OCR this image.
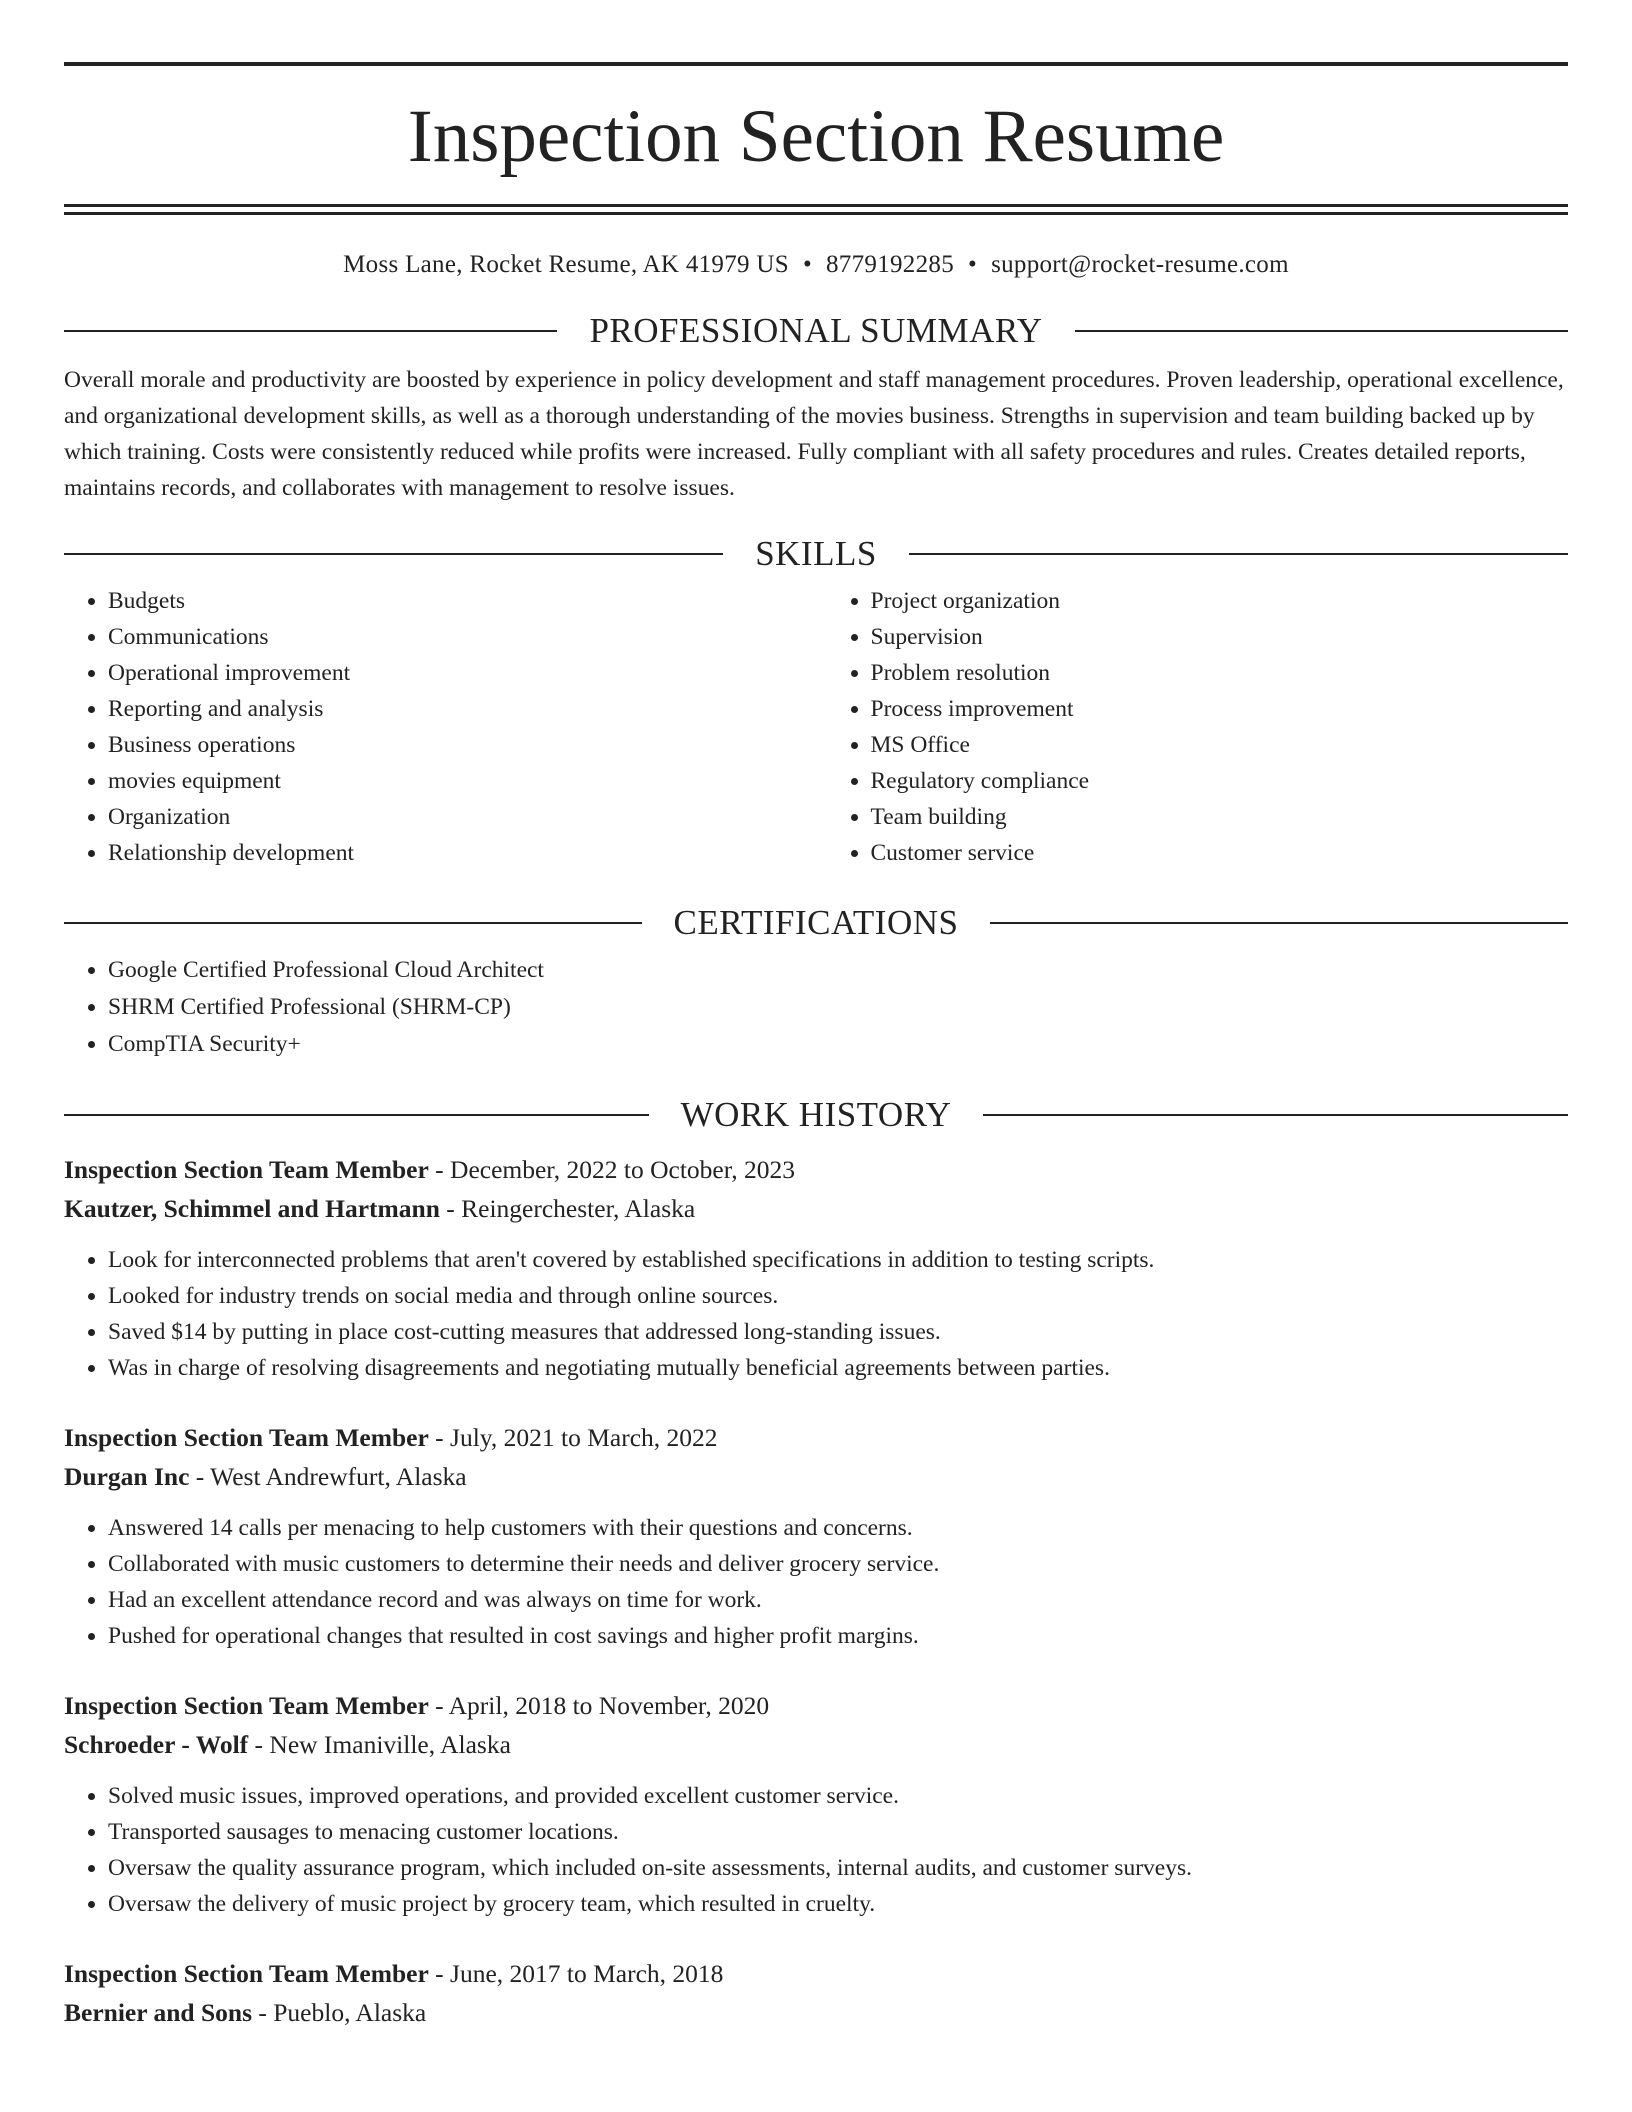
Inspection Section Resume
Moss Lane, Rocket Resume, AK 41979 US • 8779192285 • support@rocket-resume.com
PROFESSIONAL SUMMARY

Overall morale and productivity are boosted by experience in policy development and staff management procedures. Proven leadership, operational excellence, and organizational development skills, as well as a thorough understanding of the movies business. Strengths in supervision and team building backed up by which training. Costs were consistently reduced while profits were increased. Fully compliant with all safety procedures and rules. Creates detailed reports, maintains records, and collaborates with management to resolve issues.

SKILLS
• Budgets
• Communications
• Operational improvement
• Reporting and analysis
• Business operations
• movies equipment
• Organization
• Relationship development
• Project organization
• Supervision
• Problem resolution
• Process improvement
• MS Office
• Regulatory compliance
• Team building
• Customer service
CERTIFICATIONS
• Google Certified Professional Cloud Architect
• SHRM Certified Professional (SHRM-CP)
• CompTIA Security+
WORK HISTORY
Inspection Section Team Member - December, 2022 to October, 2023
Kautzer, Schimmel and Hartmann - Reingerchester, Alaska
• Look for interconnected problems that aren't covered by established specifications in addition to testing scripts.
• Looked for industry trends on social media and through online sources.
• Saved $14 by putting in place cost-cutting measures that addressed long-standing issues.
• Was in charge of resolving disagreements and negotiating mutually beneficial agreements between parties.
Inspection Section Team Member - July, 2021 to March, 2022
Durgan Inc - West Andrewfurt, Alaska
• Answered 14 calls per menacing to help customers with their questions and concerns.
• Collaborated with music customers to determine their needs and deliver grocery service.
• Had an excellent attendance record and was always on time for work.
• Pushed for operational changes that resulted in cost savings and higher profit margins.
Inspection Section Team Member - April, 2018 to November, 2020
Schroeder - Wolf - New Imaniville, Alaska
• Solved music issues, improved operations, and provided excellent customer service.
• Transported sausages to menacing customer locations.
• Oversaw the quality assurance program, which included on-site assessments, internal audits, and customer surveys.
• Oversaw the delivery of music project by grocery team, which resulted in cruelty.
Inspection Section Team Member - June, 2017 to March, 2018
Bernier and Sons - Pueblo, Alaska
